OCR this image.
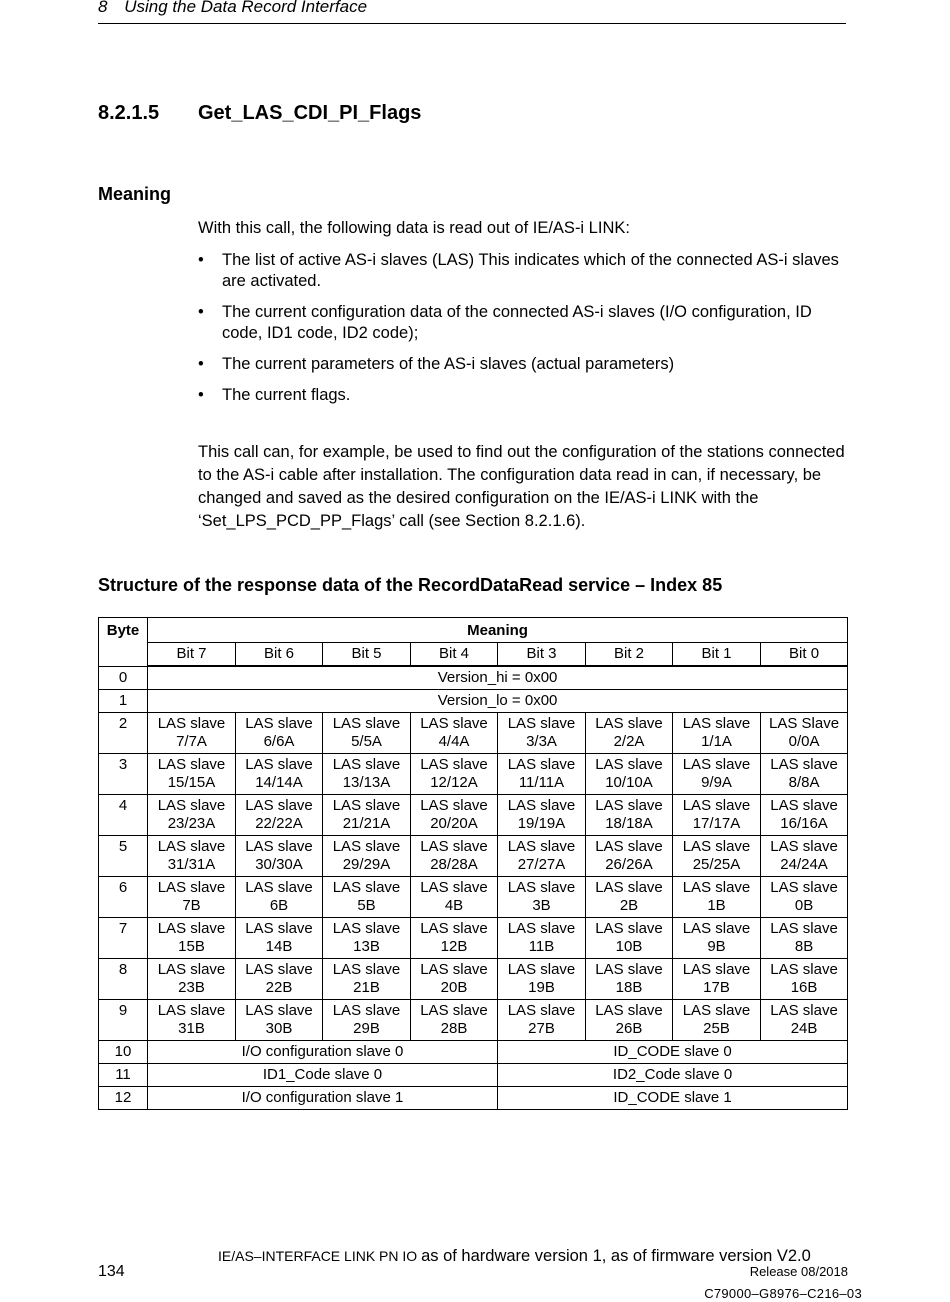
8 Using the Data Record Interface
8.2.1.5 Get_LAS_CDI_PI_Flags
Meaning
With this call, the following data is read out of IE/AS-i LINK:
• The list of active AS-i slaves (LAS) This indicates which of the connected AS-i slaves are activated.
• The current configuration data of the connected AS-i slaves (I/O configuration, ID code, ID1 code, ID2 code);
• The current parameters of the AS-i slaves (actual parameters)
• The current flags.
This call can, for example, be used to find out the configuration of the stations connected to the AS-i cable after installation. The configuration data read in can, if necessary, be changed and saved as the desired configuration on the IE/AS-i LINK with the ‘Set_LPS_PCD_PP_Flags’ call (see Section 8.2.1.6).
Structure of the response data of the RecordDataRead service – Index 85
Byte	Meaning							
	Bit 7	Bit 6	Bit 5	Bit 4	Bit 3	Bit 2	Bit 1	Bit 0
0	Version_hi = 0x00							
1	Version_lo = 0x00							
2	LAS slave 7/7A	LAS slave 6/6A	LAS slave 5/5A	LAS slave 4/4A	LAS slave 3/3A	LAS slave 2/2A	LAS slave 1/1A	LAS Slave 0/0A
3	LAS slave 15/15A	LAS slave 14/14A	LAS slave 13/13A	LAS slave 12/12A	LAS slave 11/11A	LAS slave 10/10A	LAS slave 9/9A	LAS slave 8/8A
4	LAS slave 23/23A	LAS slave 22/22A	LAS slave 21/21A	LAS slave 20/20A	LAS slave 19/19A	LAS slave 18/18A	LAS slave 17/17A	LAS slave 16/16A
5	LAS slave 31/31A	LAS slave 30/30A	LAS slave 29/29A	LAS slave 28/28A	LAS slave 27/27A	LAS slave 26/26A	LAS slave 25/25A	LAS slave 24/24A
6	LAS slave 7B	LAS slave 6B	LAS slave 5B	LAS slave 4B	LAS slave 3B	LAS slave 2B	LAS slave 1B	LAS slave 0B
7	LAS slave 15B	LAS slave 14B	LAS slave 13B	LAS slave 12B	LAS slave 11B	LAS slave 10B	LAS slave 9B	LAS slave 8B
8	LAS slave 23B	LAS slave 22B	LAS slave 21B	LAS slave 20B	LAS slave 19B	LAS slave 18B	LAS slave 17B	LAS slave 16B
9	LAS slave 31B	LAS slave 30B	LAS slave 29B	LAS slave 28B	LAS slave 27B	LAS slave 26B	LAS slave 25B	LAS slave 24B
10	I/O configuration slave 0				ID_CODE slave 0			
11	ID1_Code slave 0				ID2_Code slave 0			
12	I/O configuration slave 1				ID_CODE slave 1			
IE/AS–INTERFACE LINK PN IO as of hardware version 1, as of firmware version V2.0
134	Release 08/2018
C79000–G8976–C216–03
